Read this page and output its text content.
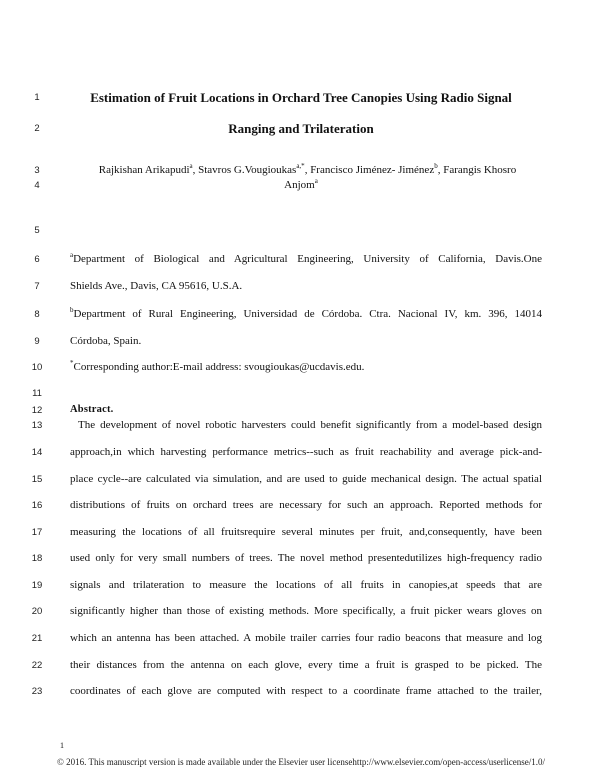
1
2
3
4
5
6
7
8
9
10
11
12
13
14
15
16
17
18
19
20
21
22
23
Estimation of Fruit Locations in Orchard Tree Canopies Using Radio Signal
Ranging and Trilateration
Rajkishan Arikapudi$^a$, Stavros G.Vougioukas$^{a,*}$, Francisco Jiménez- Jiménez$^b$, Farangis Khosro
Anjom$^a$
$^a$Department of Biological and Agricultural Engineering, University of California, Davis.One
Shields Ave., Davis, CA 95616, U.S.A.
$^b$Department of Rural Engineering, Universidad de Córdoba. Ctra. Nacional IV, km. 396, 14014
Córdoba, Spain.
*Corresponding author:E-mail address: svougioukas@ucdavis.edu.
Abstract.
The development of novel robotic harvesters could benefit significantly from a model-based design
approach,in which harvesting performance metrics--such as fruit reachability and average pick-and-
place cycle--are calculated via simulation, and are used to guide mechanical design. The actual spatial
distributions of fruits on orchard trees are necessary for such an approach. Reported methods for
measuring the locations of all fruitsrequire several minutes per fruit, and,consequently, have been
used only for very small numbers of trees. The novel method presentedutilizes high-frequency radio
signals and trilateration to measure the locations of all fruits in canopies,at speeds that are
significantly higher than those of existing methods. More specifically, a fruit picker wears gloves on
which an antenna has been attached. A mobile trailer carries four radio beacons that measure and log
their distances from the antenna on each glove, every time a fruit is grasped to be picked. The
coordinates of each glove are computed with respect to a coordinate frame attached to the trailer,
1
© 2016. This manuscript version is made available under the Elsevier user licensehttp://www.elsevier.com/open-access/userlicense/1.0/
